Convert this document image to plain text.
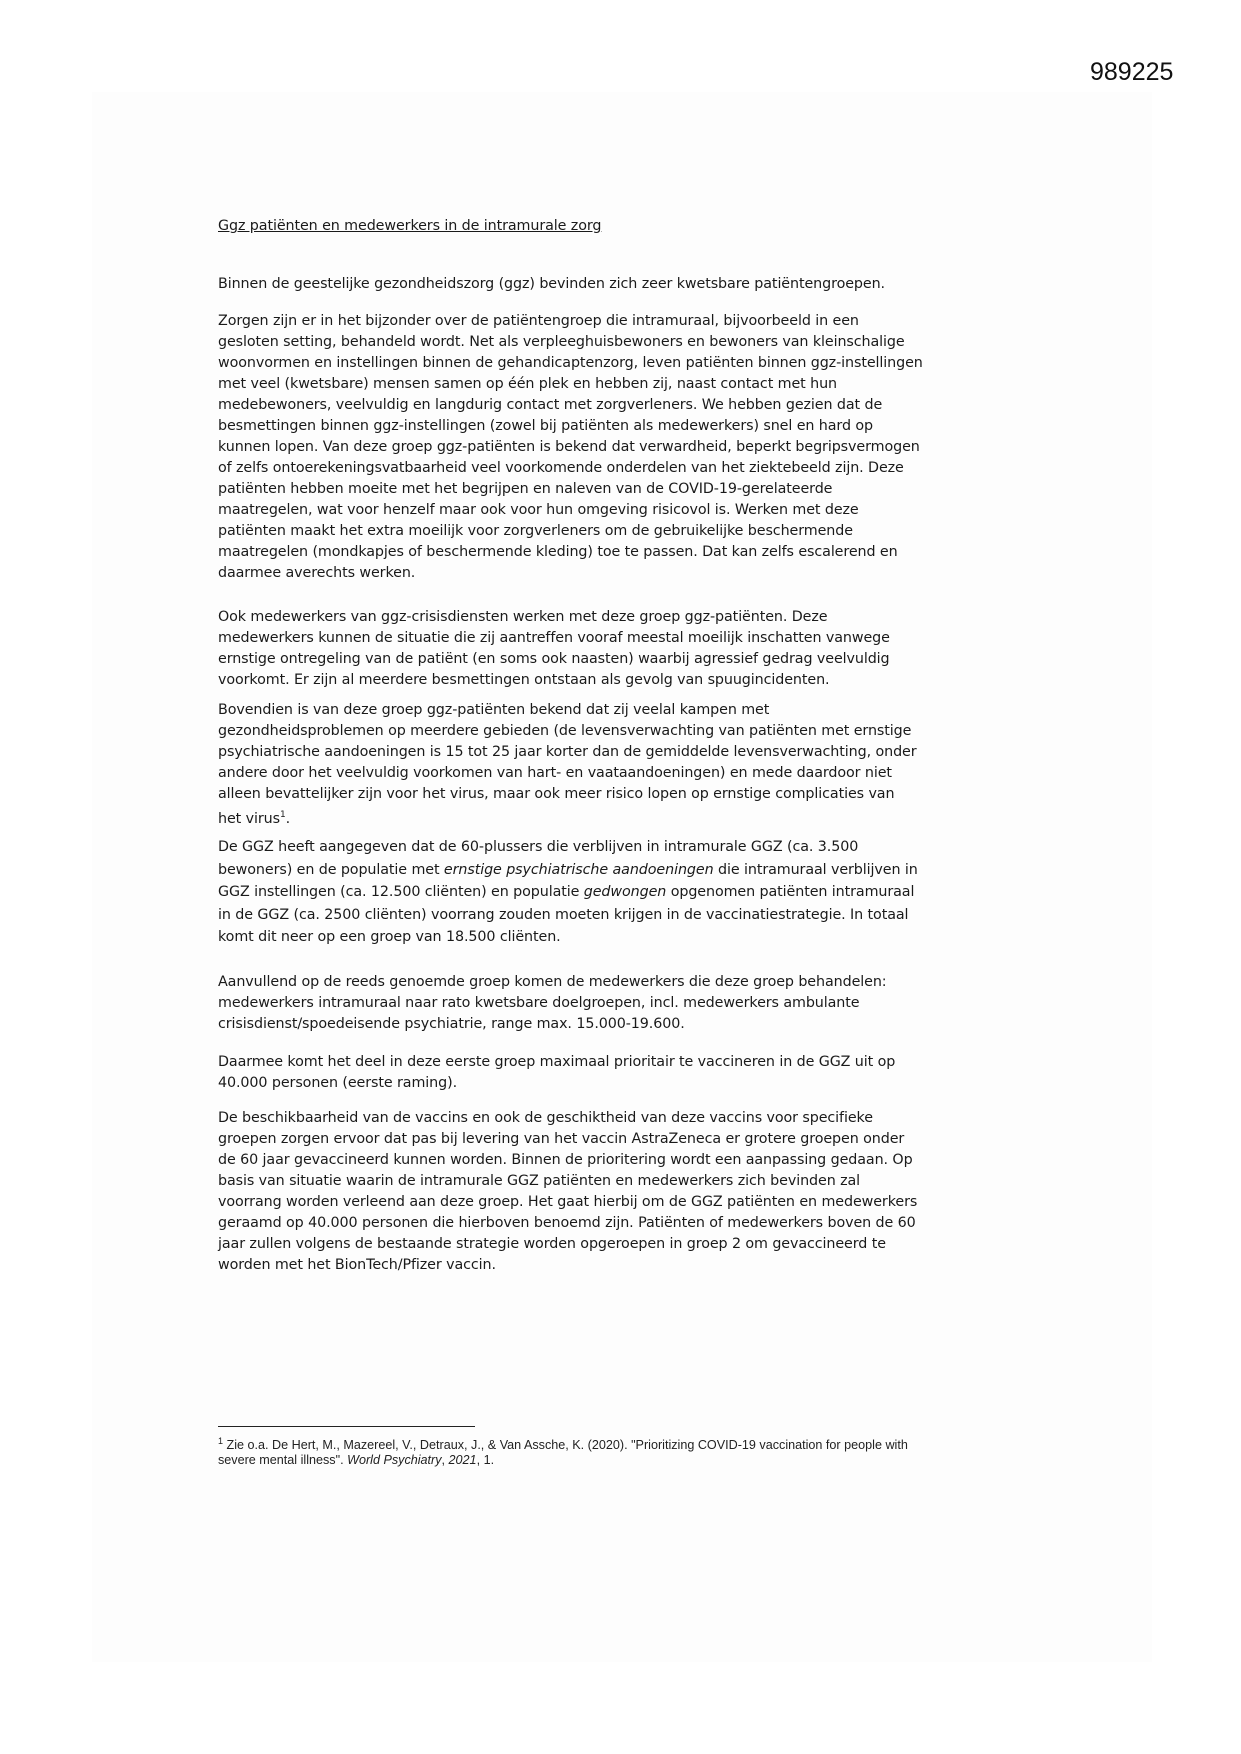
989225
Ggz patiënten en medewerkers in de intramurale zorg
Binnen de geestelijke gezondheidszorg (ggz) bevinden zich zeer kwetsbare patiëntengroepen.
Zorgen zijn er in het bijzonder over de patiëntengroep die intramuraal, bijvoorbeeld in een
gesloten setting, behandeld wordt. Net als verpleeghuisbewoners en bewoners van kleinschalige
woonvormen en instellingen binnen de gehandicaptenzorg, leven patiënten binnen ggz-instellingen
met veel (kwetsbare) mensen samen op één plek en hebben zij, naast contact met hun
medebewoners, veelvuldig en langdurig contact met zorgverleners. We hebben gezien dat de
besmettingen binnen ggz-instellingen (zowel bij patiënten als medewerkers) snel en hard op
kunnen lopen. Van deze groep ggz-patiënten is bekend dat verwardheid, beperkt begripsvermogen
of zelfs ontoerekeningsvatbaarheid veel voorkomende onderdelen van het ziektebeeld zijn. Deze
patiënten hebben moeite met het begrijpen en naleven van de COVID-19-gerelateerde
maatregelen, wat voor henzelf maar ook voor hun omgeving risicovol is. Werken met deze
patiënten maakt het extra moeilijk voor zorgverleners om de gebruikelijke beschermende
maatregelen (mondkapjes of beschermende kleding) toe te passen. Dat kan zelfs escalerend en
daarmee averechts werken.
Ook medewerkers van ggz-crisisdiensten werken met deze groep ggz-patiënten. Deze
medewerkers kunnen de situatie die zij aantreffen vooraf meestal moeilijk inschatten vanwege
ernstige ontregeling van de patiënt (en soms ook naasten) waarbij agressief gedrag veelvuldig
voorkomt. Er zijn al meerdere besmettingen ontstaan als gevolg van spuugincidenten.
Bovendien is van deze groep ggz-patiënten bekend dat zij veelal kampen met
gezondheidsproblemen op meerdere gebieden (de levensverwachting van patiënten met ernstige
psychiatrische aandoeningen is 15 tot 25 jaar korter dan de gemiddelde levensverwachting, onder
andere door het veelvuldig voorkomen van hart- en vaataandoeningen) en mede daardoor niet
alleen bevattelijker zijn voor het virus, maar ook meer risico lopen op ernstige complicaties van
het virus$^1$.
De GGZ heeft aangegeven dat de 60-plussers die verblijven in intramurale GGZ (ca. 3.500
bewoners) en de populatie met ernstige psychiatrische aandoeningen die intramuraal verblijven in
GGZ instellingen (ca. 12.500 cliënten) en populatie gedwongen opgenomen patiënten intramuraal
in de GGZ (ca. 2500 cliënten) voorrang zouden moeten krijgen in de vaccinatiestrategie. In totaal
komt dit neer op een groep van 18.500 cliënten.
Aanvullend op de reeds genoemde groep komen de medewerkers die deze groep behandelen:
medewerkers intramuraal naar rato kwetsbare doelgroepen, incl. medewerkers ambulante
crisisdienst/spoedeisende psychiatrie, range max. 15.000-19.600.
Daarmee komt het deel in deze eerste groep maximaal prioritair te vaccineren in de GGZ uit op
40.000 personen (eerste raming).
De beschikbaarheid van de vaccins en ook de geschiktheid van deze vaccins voor specifieke
groepen zorgen ervoor dat pas bij levering van het vaccin AstraZeneca er grotere groepen onder
de 60 jaar gevaccineerd kunnen worden. Binnen de prioritering wordt een aanpassing gedaan. Op
basis van situatie waarin de intramurale GGZ patiënten en medewerkers zich bevinden zal
voorrang worden verleend aan deze groep. Het gaat hierbij om de GGZ patiënten en medewerkers
geraamd op 40.000 personen die hierboven benoemd zijn. Patiënten of medewerkers boven de 60
jaar zullen volgens de bestaande strategie worden opgeroepen in groep 2 om gevaccineerd te
worden met het BionTech/Pfizer vaccin.
$^1$ Zie o.a. De Hert, M., Mazereel, V., Detraux, J., & Van Assche, K. (2020). "Prioritizing COVID-19 vaccination for people with
severe mental illness". World Psychiatry, 2021, 1.
